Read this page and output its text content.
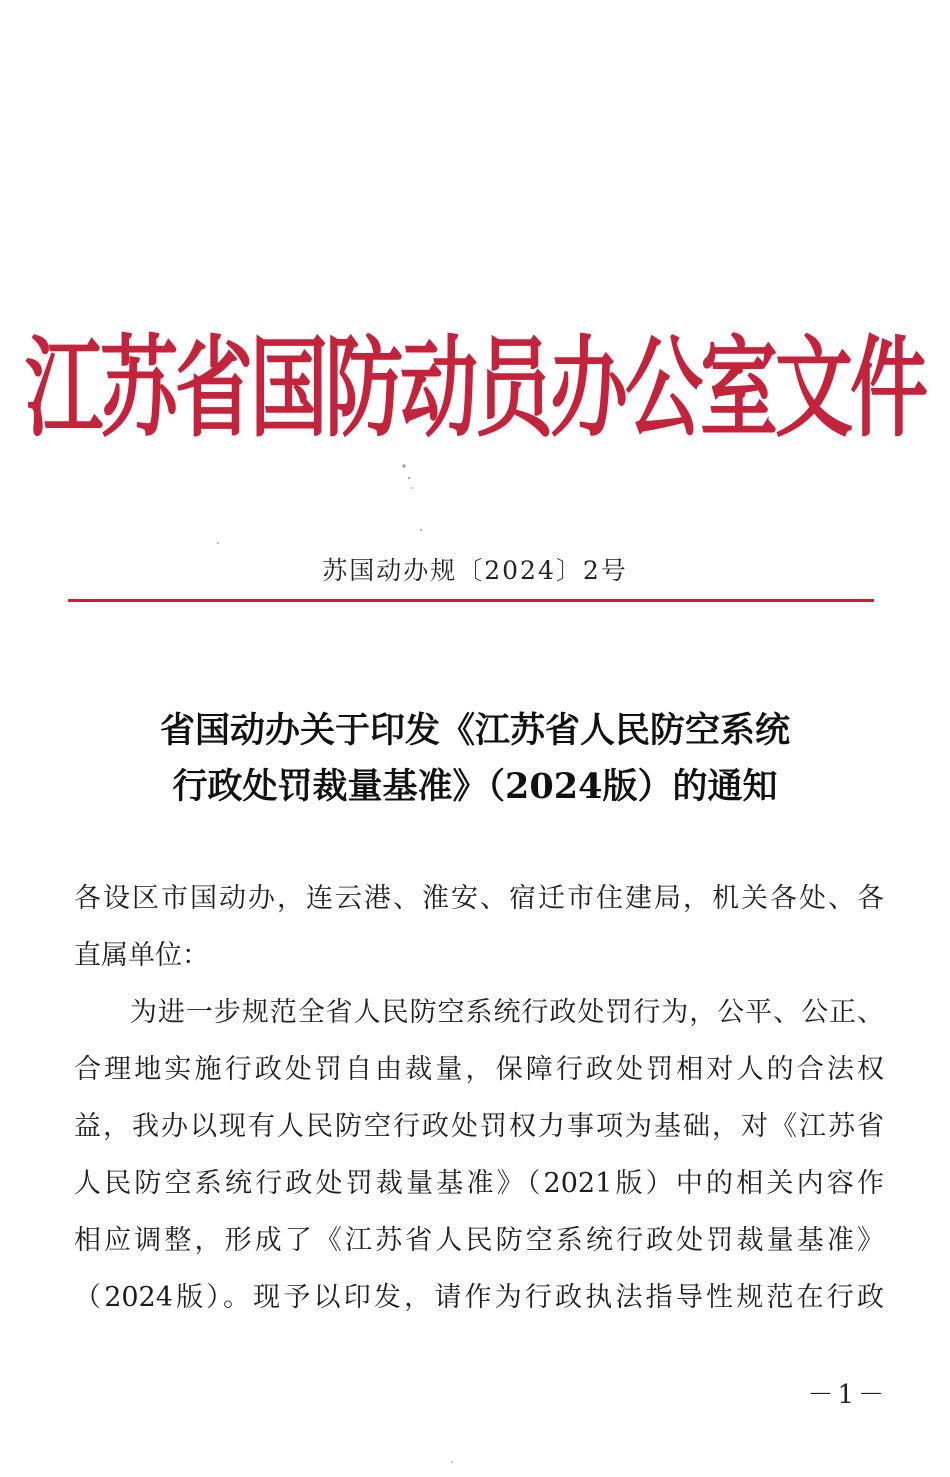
江苏省国防动员办公室文件
苏国动办规〔2024〕2号
省国动办关于印发《江苏省人民防空系统
行政处罚裁量基准》（2024版）的通知
各设区市国动办，连云港、淮安、宿迁市住建局，机关各处、各
直属单位：
　　为进一步规范全省人民防空系统行政处罚行为，公平、公正、
合理地实施行政处罚自由裁量，保障行政处罚相对人的合法权
益，我办以现有人民防空行政处罚权力事项为基础，对《江苏省
人民防空系统行政处罚裁量基准》（2021版）中的相关内容作
相应调整，形成了《江苏省人民防空系统行政处罚裁量基准》
（2024版）。现予以印发，请作为行政执法指导性规范在行政
－1－
